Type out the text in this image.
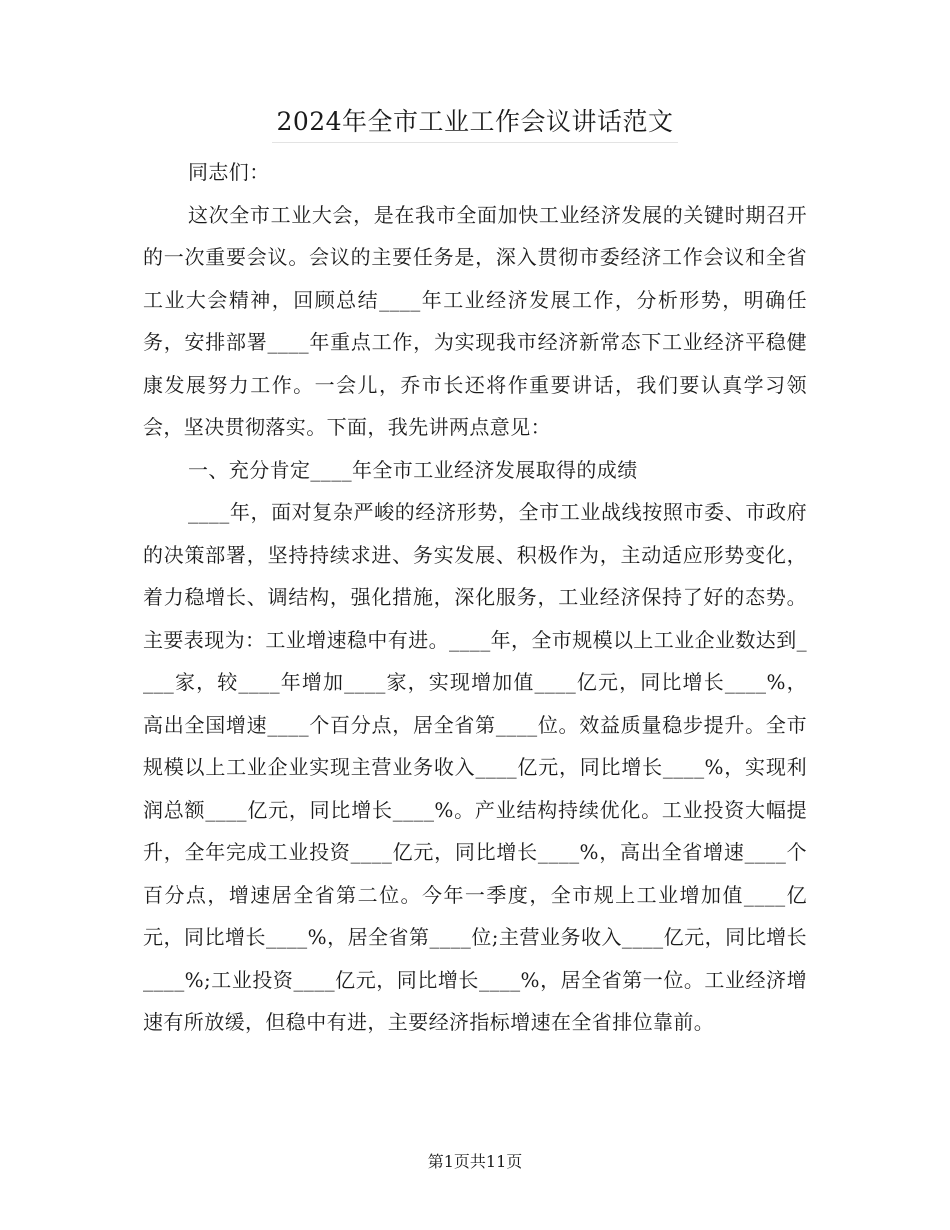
2024年全市工业工作会议讲话范文

同志们：

这次全市工业大会，是在我市全面加快工业经济发展的关键时期召开的一次重要会议。会议的主要任务是，深入贯彻市委经济工作会议和全省工业大会精神，回顾总结____年工业经济发展工作，分析形势，明确任务，安排部署____年重点工作，为实现我市经济新常态下工业经济平稳健康发展努力工作。一会儿，乔市长还将作重要讲话，我们要认真学习领会，坚决贯彻落实。下面，我先讲两点意见：

一、充分肯定____年全市工业经济发展取得的成绩

____年，面对复杂严峻的经济形势，全市工业战线按照市委、市政府的决策部署，坚持持续求进、务实发展、积极作为，主动适应形势变化，着力稳增长、调结构，强化措施，深化服务，工业经济保持了好的态势。主要表现为：工业增速稳中有进。____年，全市规模以上工业企业数达到____家，较____年增加____家，实现增加值____亿元，同比增长____%，高出全国增速____个百分点，居全省第____位。效益质量稳步提升。全市规模以上工业企业实现主营业务收入____亿元，同比增长____%，实现利润总额____亿元，同比增长____%。产业结构持续优化。工业投资大幅提升，全年完成工业投资____亿元，同比增长____%，高出全省增速____个百分点，增速居全省第二位。今年一季度，全市规上工业增加值____亿元，同比增长____%，居全省第____位;主营业务收入____亿元，同比增长____%;工业投资____亿元，同比增长____%，居全省第一位。工业经济增速有所放缓，但稳中有进，主要经济指标增速在全省排位靠前。

第1页共11页
